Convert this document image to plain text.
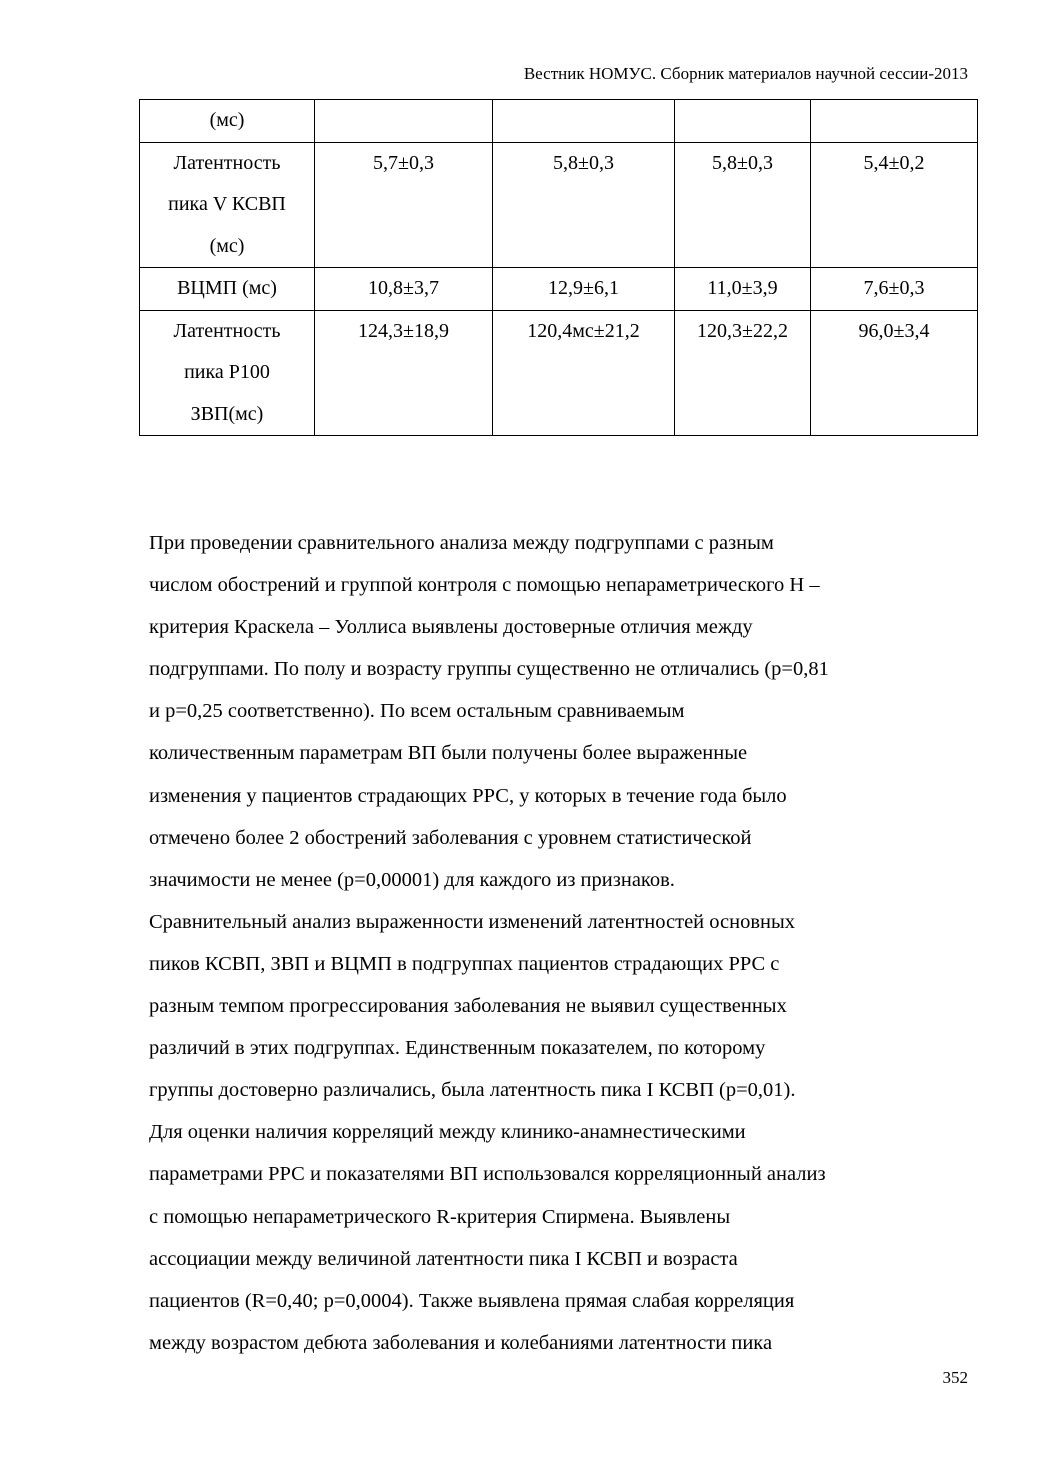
Вестник НОМУС. Сборник материалов научной сессии-2013
(мс)				

Латентность
пика V КСВП
(мс)	5,7±0,3	5,8±0,3	5,8±0,3	5,4±0,2

ВЦМП (мс)	10,8±3,7	12,9±6,1	11,0±3,9	7,6±0,3

Латентность
пика P100
ЗВП(мс)	124,3±18,9	120,4мс±21,2	120,3±22,2	96,0±3,4
При проведении сравнительного анализа между подгруппами с разным
числом обострений и группой контроля с помощью непараметрического Н –
критерия Краскела – Уоллиса выявлены достоверные отличия между
подгруппами. По полу и возрасту группы существенно не отличались (p=0,81
и p=0,25 соответственно). По всем остальным сравниваемым
количественным параметрам ВП были получены более выраженные
изменения у пациентов страдающих РРС, у которых в течение года было
отмечено более 2 обострений заболевания с уровнем статистической
значимости не менее (p=0,00001) для каждого из признаков.
Сравнительный анализ выраженности изменений латентностей основных
пиков КСВП, ЗВП и ВЦМП в подгруппах пациентов страдающих РРС с
разным темпом прогрессирования заболевания не выявил существенных
различий в этих подгруппах. Единственным показателем, по которому
группы достоверно различались, была латентность пика I КСВП (p=0,01).
Для оценки наличия корреляций между клинико-анамнестическими
параметрами РРС и показателями ВП использовался корреляционный анализ
с помощью непараметрического R-критерия Спирмена. Выявлены
ассоциации между величиной латентности пика I КСВП и возраста
пациентов (R=0,40; p=0,0004). Также выявлена прямая слабая корреляция
между возрастом дебюта заболевания и колебаниями латентности пика
352
